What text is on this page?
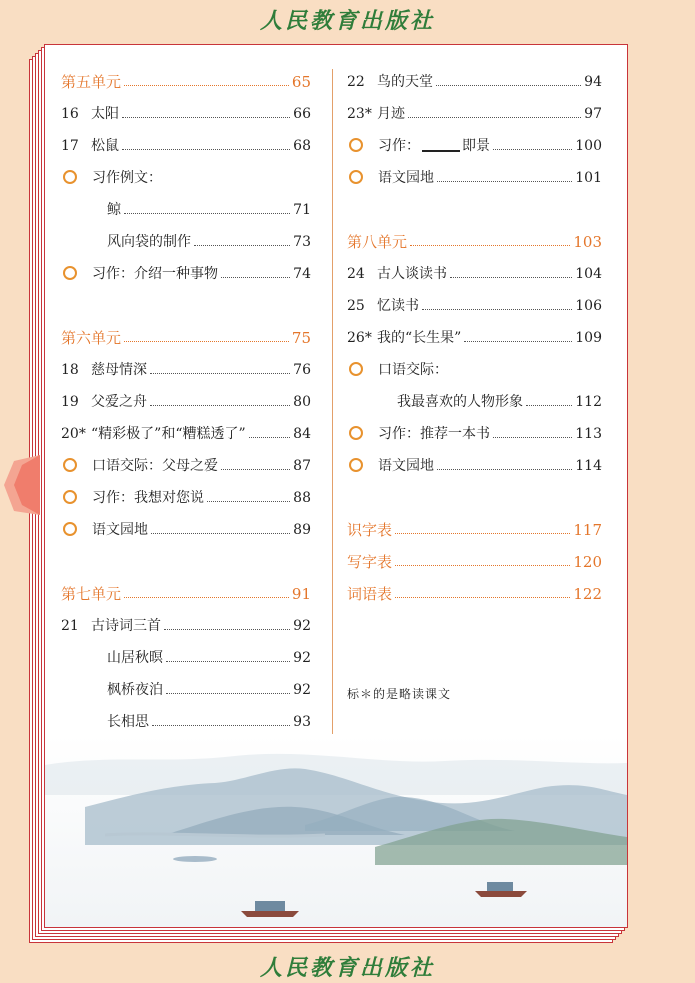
人民教育出版社
第五单元	65
16 太阳	66
17 松鼠	68
习作例文：
鲸	71
风向袋的制作	73
习作：介绍一种事物	74
第六单元	75
18 慈母情深	76
19 父爱之舟	80
20* “精彩极了”和“糟糕透了”	84
口语交际：父母之爱	87
习作：我想对您说	88
语文园地	89
第七单元	91
21 古诗词三首	92
山居秋暝	92
枫桥夜泊	92
长相思	93
22 鸟的天堂	94
23* 月迹	97
习作：	即景	100
语文园地	101
第八单元	103
24 古人谈读书	104
25 忆读书	106
26* 我的“长生果”	109
口语交际：
我最喜欢的人物形象	112
习作：推荐一本书	113
语文园地	114
识字表	117
写字表	120
词语表	122
标＊的是略读课文
人民教育出版社
